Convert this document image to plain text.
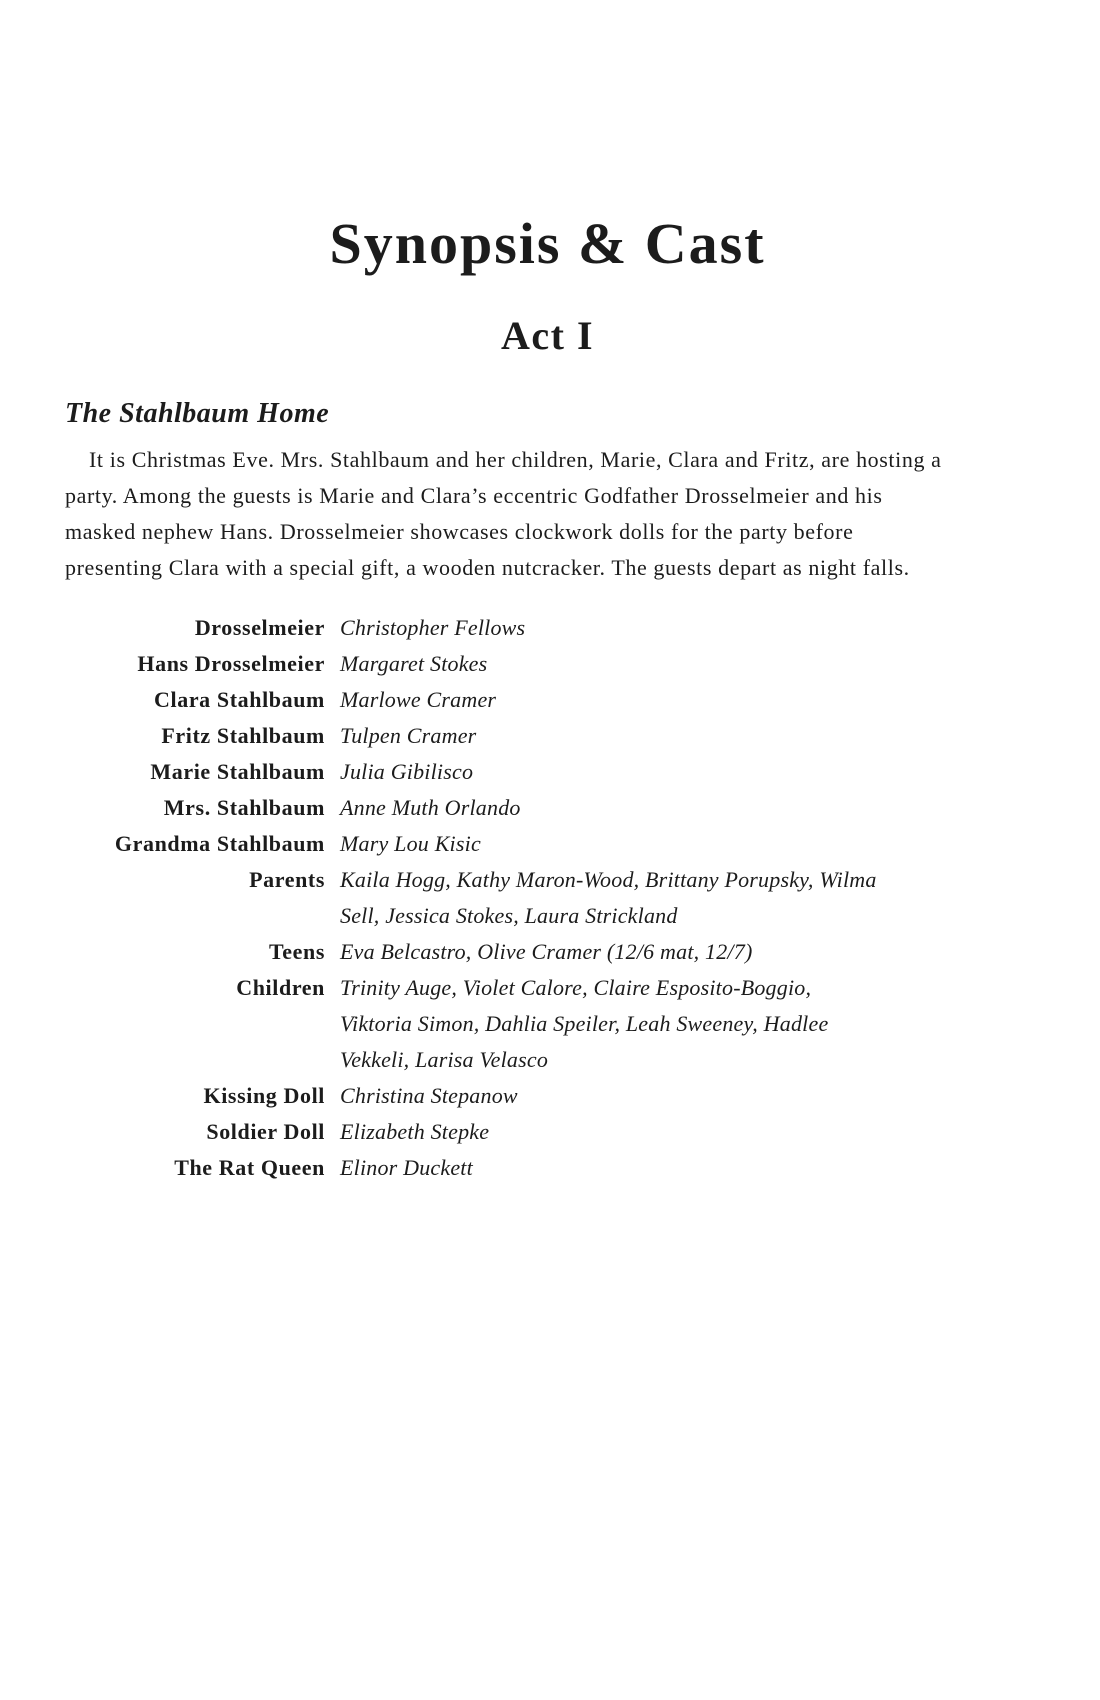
Synopsis & Cast
Act I
The Stahlbaum Home

It is Christmas Eve. Mrs. Stahlbaum and her children, Marie, Clara and Fritz, are hosting a party. Among the guests is Marie and Clara’s eccentric Godfather Drosselmeier and his masked nephew Hans. Drosselmeier showcases clockwork dolls for the party before presenting Clara with a special gift, a wooden nutcracker. The guests depart as night falls.

Drosselmeier Christopher Fellows
Hans Drosselmeier Margaret Stokes
Clara Stahlbaum Marlowe Cramer
Fritz Stahlbaum Tulpen Cramer
Marie Stahlbaum Julia Gibilisco
Mrs. Stahlbaum Anne Muth Orlando
Grandma Stahlbaum Mary Lou Kisic
Parents Kaila Hogg, Kathy Maron-Wood, Brittany Porupsky, Wilma Sell, Jessica Stokes, Laura Strickland
Teens Eva Belcastro, Olive Cramer (12/6 mat, 12/7)
Children Trinity Auge, Violet Calore, Claire Esposito-Boggio, Viktoria Simon, Dahlia Speiler, Leah Sweeney, Hadlee Vekkeli, Larisa Velasco
Kissing Doll Christina Stepanow
Soldier Doll Elizabeth Stepke
The Rat Queen Elinor Duckett
